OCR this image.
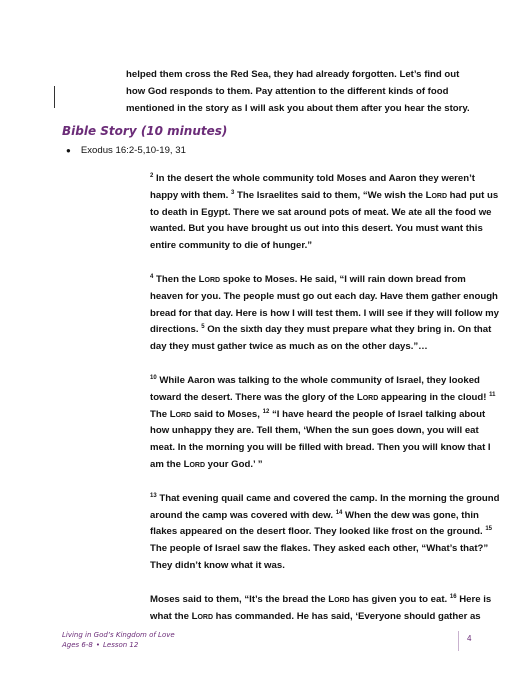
helped them cross the Red Sea, they had already forgotten. Let’s find out

how God responds to them. Pay attention to the different kinds of food

mentioned in the story as I will ask you about them after you hear the story.

Bible Story (10 minutes)
● Exodus 16:2-5,10-19, 31

$^2$ In the desert the whole community told Moses and Aaron they weren’t happy with them. $^3$ The Israelites said to them, “We wish the Lord had put us to death in Egypt. There we sat around pots of meat. We ate all the food we wanted. But you have brought us out into this desert. You must want this entire community to die of hunger.”

$^4$ Then the Lord spoke to Moses. He said, “I will rain down bread from heaven for you. The people must go out each day. Have them gather enough bread for that day. Here is how I will test them. I will see if they will follow my directions. $^5$ On the sixth day they must prepare what they bring in. On that day they must gather twice as much as on the other days.”…

$^{10}$ While Aaron was talking to the whole community of Israel, they looked toward the desert. There was the glory of the Lord appearing in the cloud! $^{11}$ The Lord said to Moses, $^{12}$ “I have heard the people of Israel talking about how unhappy they are. Tell them, ‘When the sun goes down, you will eat meat. In the morning you will be filled with bread. Then you will know that I am the Lord your God.’ ”

$^{13}$ That evening quail came and covered the camp. In the morning the ground around the camp was covered with dew. $^{14}$ When the dew was gone, thin flakes appeared on the desert floor. They looked like frost on the ground. $^{15}$ The people of Israel saw the flakes. They asked each other, “What’s that?” They didn’t know what it was.

Moses said to them, “It’s the bread the Lord has given you to eat. $^{16}$ Here is what the Lord has commanded. He has said, ‘Everyone should gather as

Living in God’s Kingdom of Love
Ages 6-8 • Lesson 12
4
